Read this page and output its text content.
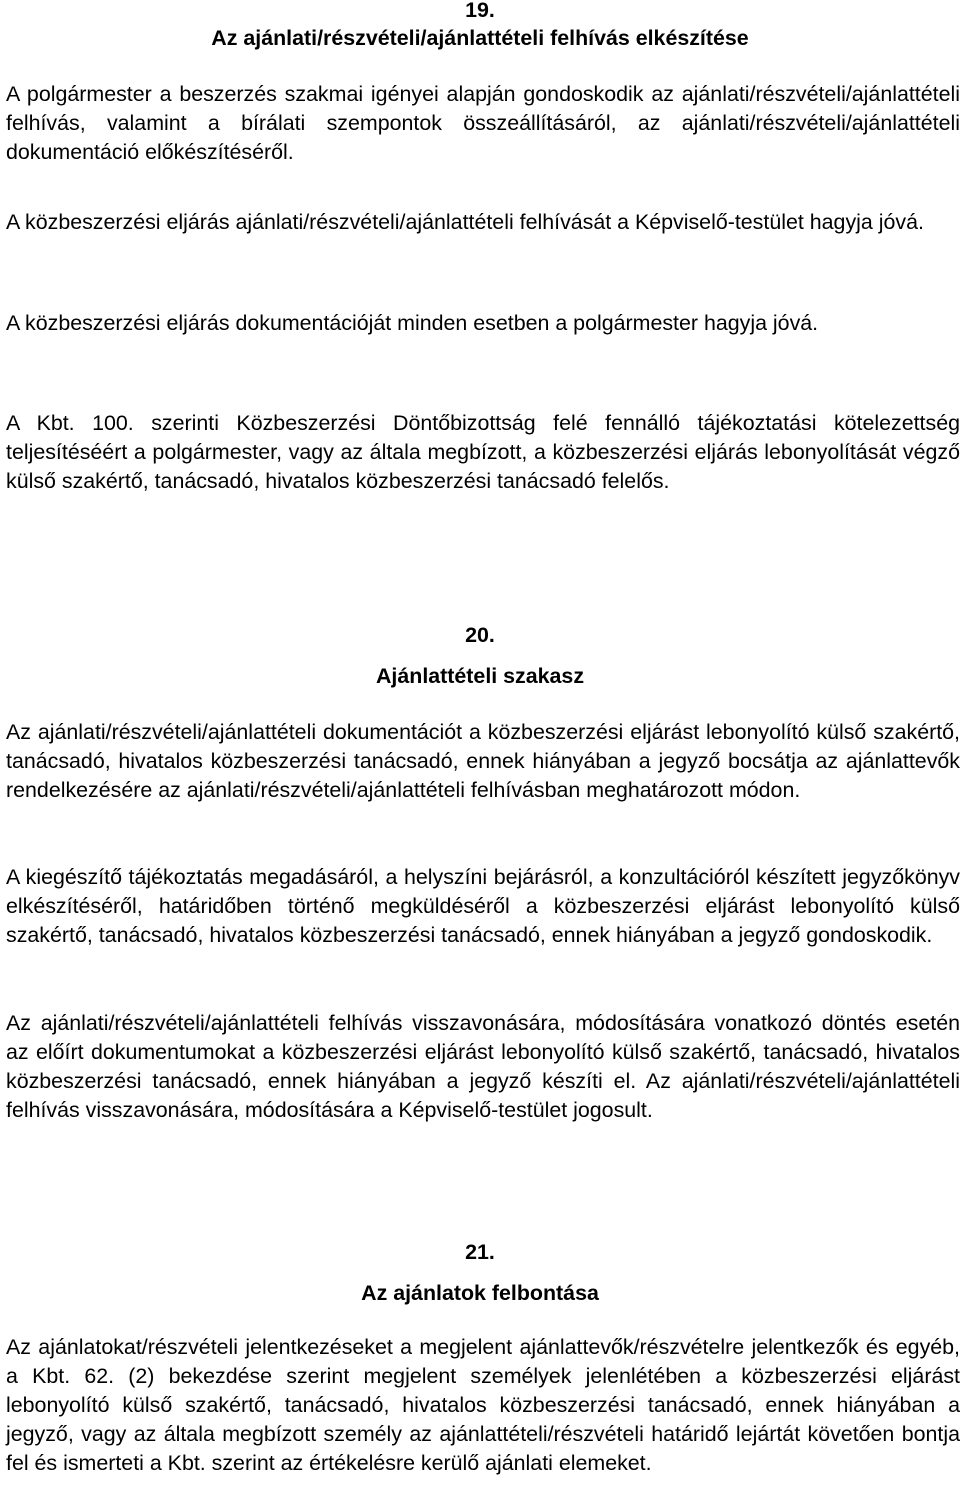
19.

Az ajánlati/részvételi/ajánlattételi felhívás elkészítése

A polgármester a beszerzés szakmai igényei alapján gondoskodik az ajánlati/részvételi/ajánlattételi felhívás, valamint a bírálati szempontok összeállításáról, az ajánlati/részvételi/ajánlattételi dokumentáció előkészítéséről.

A közbeszerzési eljárás ajánlati/részvételi/ajánlattételi felhívását a Képviselő-testület hagyja jóvá.

A közbeszerzési eljárás dokumentációját minden esetben a polgármester hagyja jóvá.

A Kbt. 100. szerinti Közbeszerzési Döntőbizottság felé fennálló tájékoztatási kötelezettség teljesítéséért a polgármester, vagy az általa megbízott, a közbeszerzési eljárás lebonyolítását végző külső szakértő, tanácsadó, hivatalos közbeszerzési tanácsadó felelős.

20.

Ajánlattételi szakasz

Az ajánlati/részvételi/ajánlattételi dokumentációt a közbeszerzési eljárást lebonyolító külső szakértő, tanácsadó, hivatalos közbeszerzési tanácsadó, ennek hiányában a jegyző bocsátja az ajánlattevők rendelkezésére az ajánlati/részvételi/ajánlattételi felhívásban meghatározott módon.

A kiegészítő tájékoztatás megadásáról, a helyszíni bejárásról, a konzultációról készített jegyzőkönyv elkészítéséről, határidőben történő megküldéséről a közbeszerzési eljárást lebonyolító külső szakértő, tanácsadó, hivatalos közbeszerzési tanácsadó, ennek hiányában a jegyző gondoskodik.

Az ajánlati/részvételi/ajánlattételi felhívás visszavonására, módosítására vonatkozó döntés esetén az előírt dokumentumokat a közbeszerzési eljárást lebonyolító külső szakértő, tanácsadó, hivatalos közbeszerzési tanácsadó, ennek hiányában a jegyző készíti el. Az ajánlati/részvételi/ajánlattételi felhívás visszavonására, módosítására a Képviselő-testület jogosult.

21.

Az ajánlatok felbontása

Az ajánlatokat/részvételi jelentkezéseket a megjelent ajánlattevők/részvételre jelentkezők és egyéb, a Kbt. 62. (2) bekezdése szerint megjelent személyek jelenlétében a közbeszerzési eljárást lebonyolító külső szakértő, tanácsadó, hivatalos közbeszerzési tanácsadó, ennek hiányában a jegyző, vagy az általa megbízott személy az ajánlattételi/részvételi határidő lejártát követően bontja fel és ismerteti a Kbt. szerint az értékelésre kerülő ajánlati elemeket.
